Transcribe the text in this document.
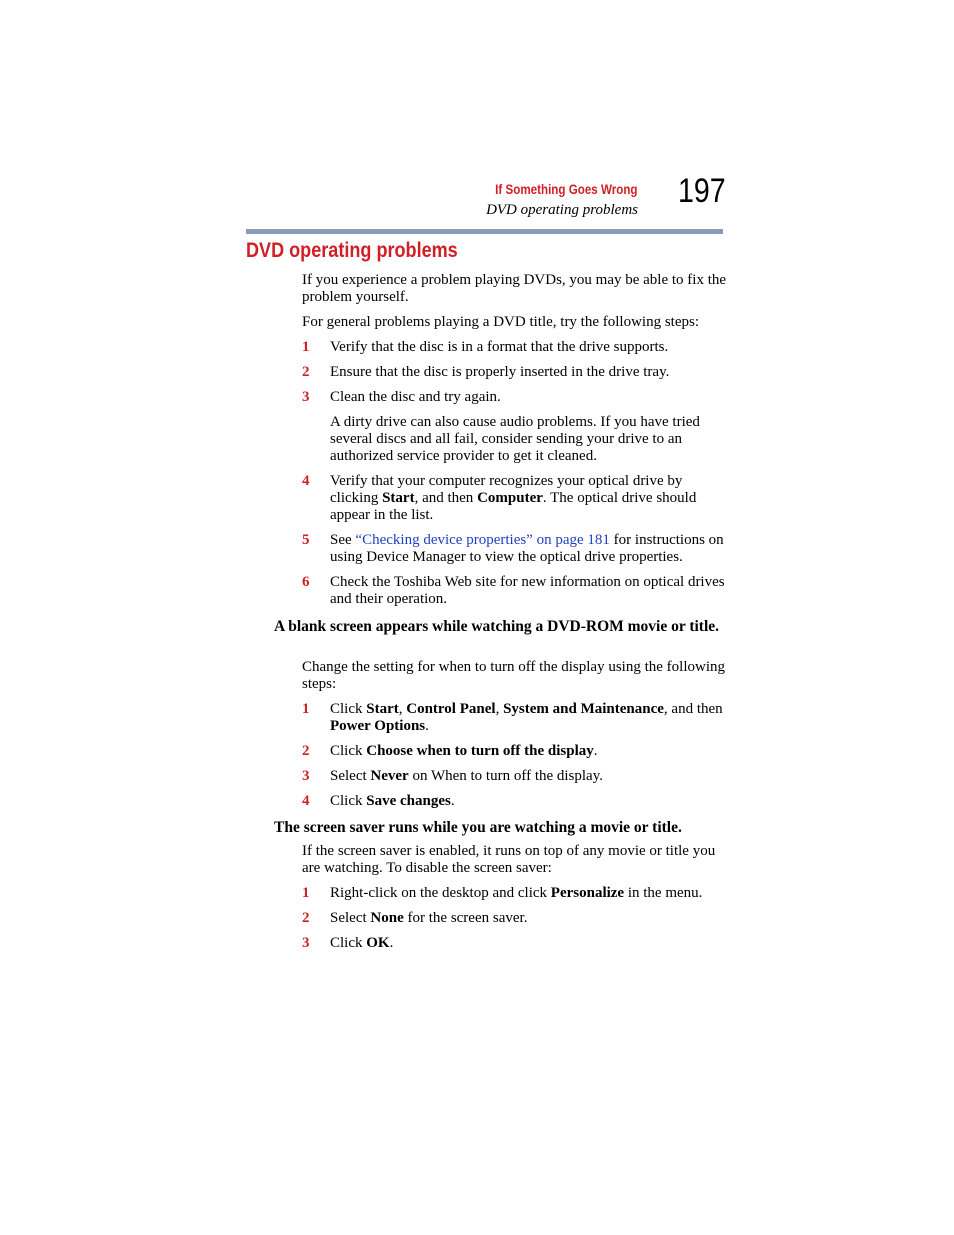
If Something Goes Wrong
DVD operating problems 197
DVD operating problems

If you experience a problem playing DVDs, you may be able to fix the problem yourself.

For general problems playing a DVD title, try the following steps:

1 Verify that the disc is in a format that the drive supports.

2 Ensure that the disc is properly inserted in the drive tray.

3 Clean the disc and try again.

A dirty drive can also cause audio problems. If you have tried several discs and all fail, consider sending your drive to an authorized service provider to get it cleaned.

4 Verify that your computer recognizes your optical drive by clicking Start, and then Computer. The optical drive should appear in the list.

5 See “Checking device properties” on page 181 for instructions on using Device Manager to view the optical drive properties.

6 Check the Toshiba Web site for new information on optical drives and their operation.

A blank screen appears while watching a DVD-ROM movie or title.

Change the setting for when to turn off the display using the following steps:

1 Click Start, Control Panel, System and Maintenance, and then Power Options.

2 Click Choose when to turn off the display.

3 Select Never on When to turn off the display.

4 Click Save changes.

The screen saver runs while you are watching a movie or title.

If the screen saver is enabled, it runs on top of any movie or title you are watching. To disable the screen saver:

1 Right-click on the desktop and click Personalize in the menu.

2 Select None for the screen saver.

3 Click OK.
